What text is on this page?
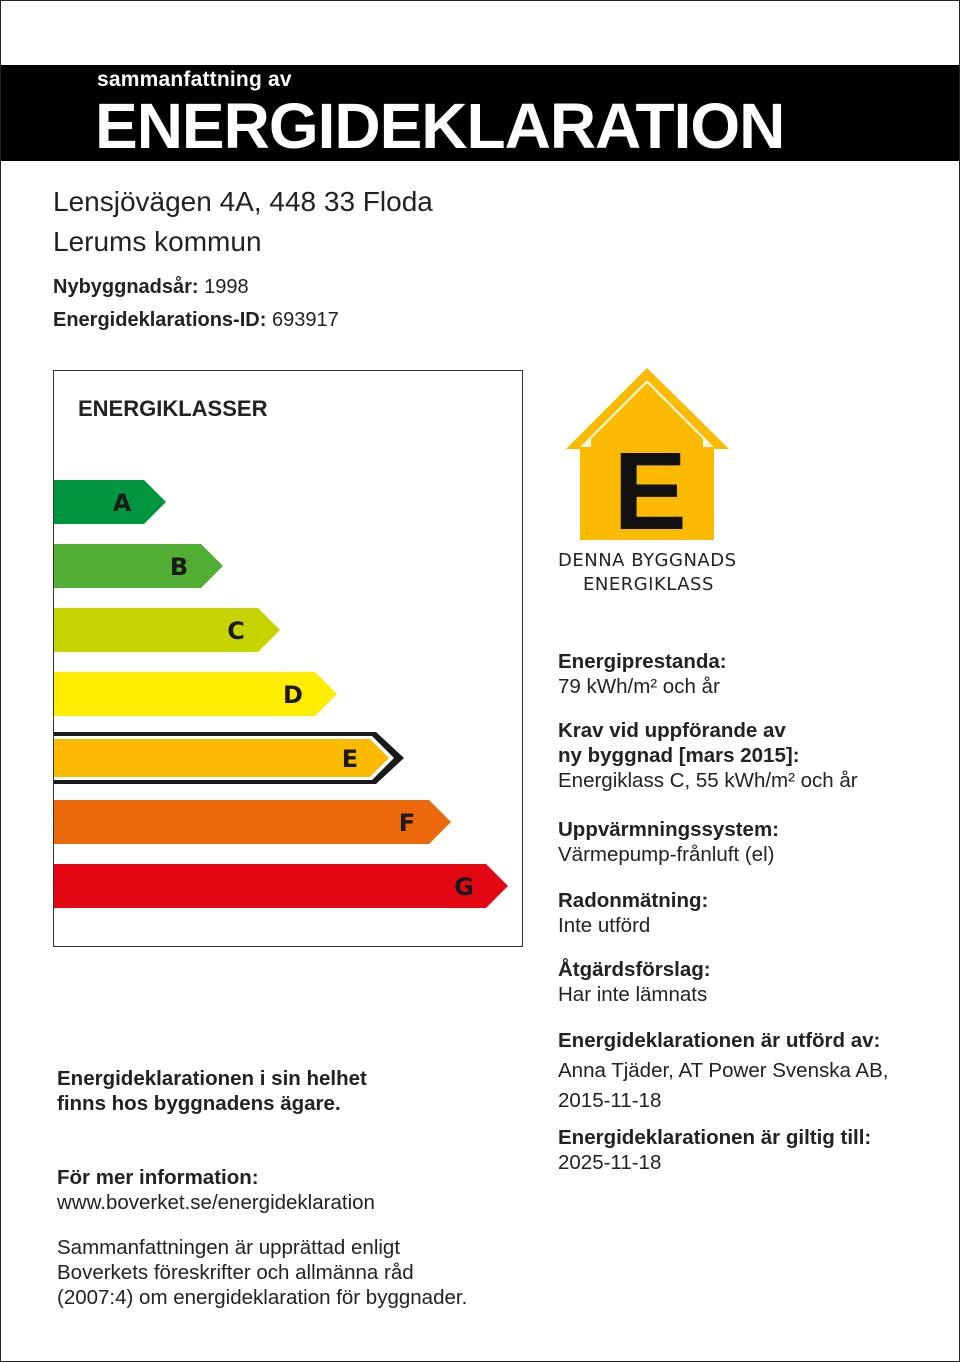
sammanfattning av
ENERGIDEKLARATION
Lensjövägen 4A, 448 33 Floda
Lerums kommun
Nybyggnadsår: 1998
Energideklarations-ID: 693917
ENERGIKLASSER
A
B
C
D
E
F
G
E
DENNA BYGGNADS
ENERGIKLASS
Energiprestanda:
79 kWh/m² och år
Krav vid uppförande av
ny byggnad [mars 2015]:
Energiklass C, 55 kWh/m² och år
Uppvärmningssystem:
Värmepump-frånluft (el)
Radonmätning:
Inte utförd
Åtgärdsförslag:
Har inte lämnats
Energideklarationen är utförd av:
Anna Tjäder, AT Power Svenska AB,
2015-11-18
Energideklarationen är giltig till:
2025-11-18
Energideklarationen i sin helhet
finns hos byggnadens ägare.
För mer information:
www.boverket.se/energideklaration
Sammanfattningen är upprättad enligt
Boverkets föreskrifter och allmänna råd
(2007:4) om energideklaration för byggnader.
